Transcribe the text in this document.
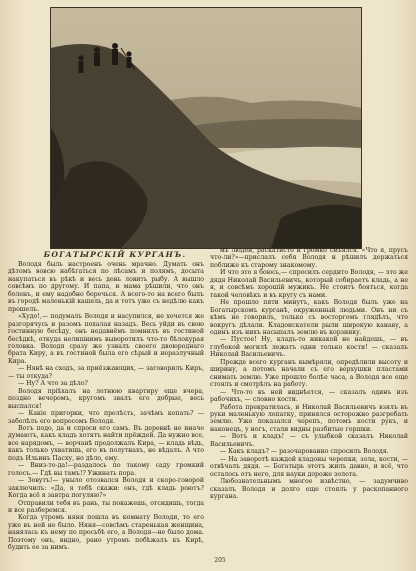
БОГАТЫРСКІЙ КУРГАНЪ.

Володя быль настроенъ очень мрачно. Думать онъ дѣтомъ вовсю нaбѣгаться по лѣсамъ и полямъ, досыта накупаться въ рѣкѣ и весь день ловить рыбу. А вышло совсѣмъ по другому. И папа, и мама рѣшили, что онъ боленъ, и ему надобно беречься. А всего-то на всего былъ въ городѣ маленькій кашель, да и тотъ уже съ недѣлю какъ прошелъ.

«Худо!,— подумалъ Володя и насупился, не хочется же разгорячусь и разомъ похалая назадъ. Весь уйди въ свою гостинную бесѣду, онъ недавнёмъ помнилъ въ гостиной бесѣдкѣ, откуда нелишнимъ выворотилъ что-то бѣлокурая головка. Володя сразу же узналъ своего двоюроднаго брата Киру, а въ гостиной была его сѣрый и неразлучный Кира.

— Нянѣ на сходъ, за приёзжающих, — заговорилъ Киръ, — ты откуда?

— Ну? А что за дѣло?

Володя пріѣхалъ на летнюю квартиру еще вчера, поздно вечеромъ, кругомъ звалъ его добрые, весь выспался!

— Какіе пригорки, что прелѣсть, зачѣмъ копать? — заболѣлъ его вопросомъ Володя.

Вотъ подо, да и спроси его самъ. Въ деревнѣ не иначе думаютъ, какъ кладъ хотятъ найти прёждей. Да нужно все, все нарядомъ, — ворчанѣ продолжалъ Кира, — кладь вѣдь, какъ только ухватишь, его въ полутнахъ, не вѣдалъ. А что подъ Ильинъ Пасху, но дѣло, ему.

— Вниз-то-да!—раздалось по такому саду громкий голосъ.— Гдѣ вы тамъ!? Ужинать пора.

— Зовутъ!— уныло отозвался Володя и скоро-говорой заключилъ: «Да, я тебѣ скажи: онъ, гдѣ кладь роютъ? Когда всё я завтра погуляю?»

Отправили тебя въ рань, ты покажешь, отсидишь, тогда и все разберемся.

Когда утромъ няня пошла въ комнату Володи, то его уже въ ней не было. Няня—совсѣмъ старенькая женщина, нанялась къ нему по просьбѣ его, а Володя—не было дома. Поэтому онъ, видно, рано утромъ побѣжалъ къ Кирѣ, будить ее за нимъ.

мѣ людей, раскатисто и громко смѣялся. «Что я, прусъ что-ли?»—прислалъ себя Володя и рѣшилъ держаться поближе къ старому знакомому.

И что это я боюсь,— спросилъ сердито Володя, — это же дядя Николай Васильевичъ, который собираетъ кладь, а не я, и совсѣмъ хорошій мужикъ. Не стоитъ бояться, когда такой человѣкъ и въ кругу съ нами.

Не прошло пяти минутъ, какъ Володя былъ уже на Богатырскомъ курганѣ, окруженный людьми. Онъ ни съ кѣмъ не говорилъ, только съ восторгомъ глядѣлъ, что вокругъ дѣлали. Кладоискатели рыли широкую канаву, а одинъ изъ нихъ насыпалъ землю въ корзинку.

— Пустое! Ну, кладъ-то никакой не найдешь, — въ глубокой могилѣ лежатъ одни только кости! — сказалъ Николай Васильевичъ.

Прежде всего курганъ вымѣряли, опредѣлили высоту и ширину, а потомъ начали съ его верхушки пластами снимать землю. Уже прошло болѣе часа, а Володя все еще стоялъ и смотрѣлъ на работу.

— Что-то въ ней виднѣется, — сказалъ одинъ изъ рабочихъ, — словно кости.

Работа прекратилась, и Николай Васильевичъ взялъ въ руки маленькую лопатку, принялся осторожно разгребать землю. Уже показался черепъ, потомъ кости рукъ, и наконецъ, у ногъ, стали видны разбитые горшки.

— Вотъ и кладъ! — съ улыбкой сказалъ Николай Васильевичъ.

— Какъ кладъ? — разочарованно спросилъ Володя.

— На заворотѣ каждой кладоны черепки, зола, кости, — отвѣчалъ дядя. — Богатырь этотъ жилъ давно, и всё, что осталось отъ него, для науки дороже золота.

Любознательнымъ многое извѣстно, — задумчиво сказалъ Володя и долго еще стоялъ у раскопанного кургана.

205
